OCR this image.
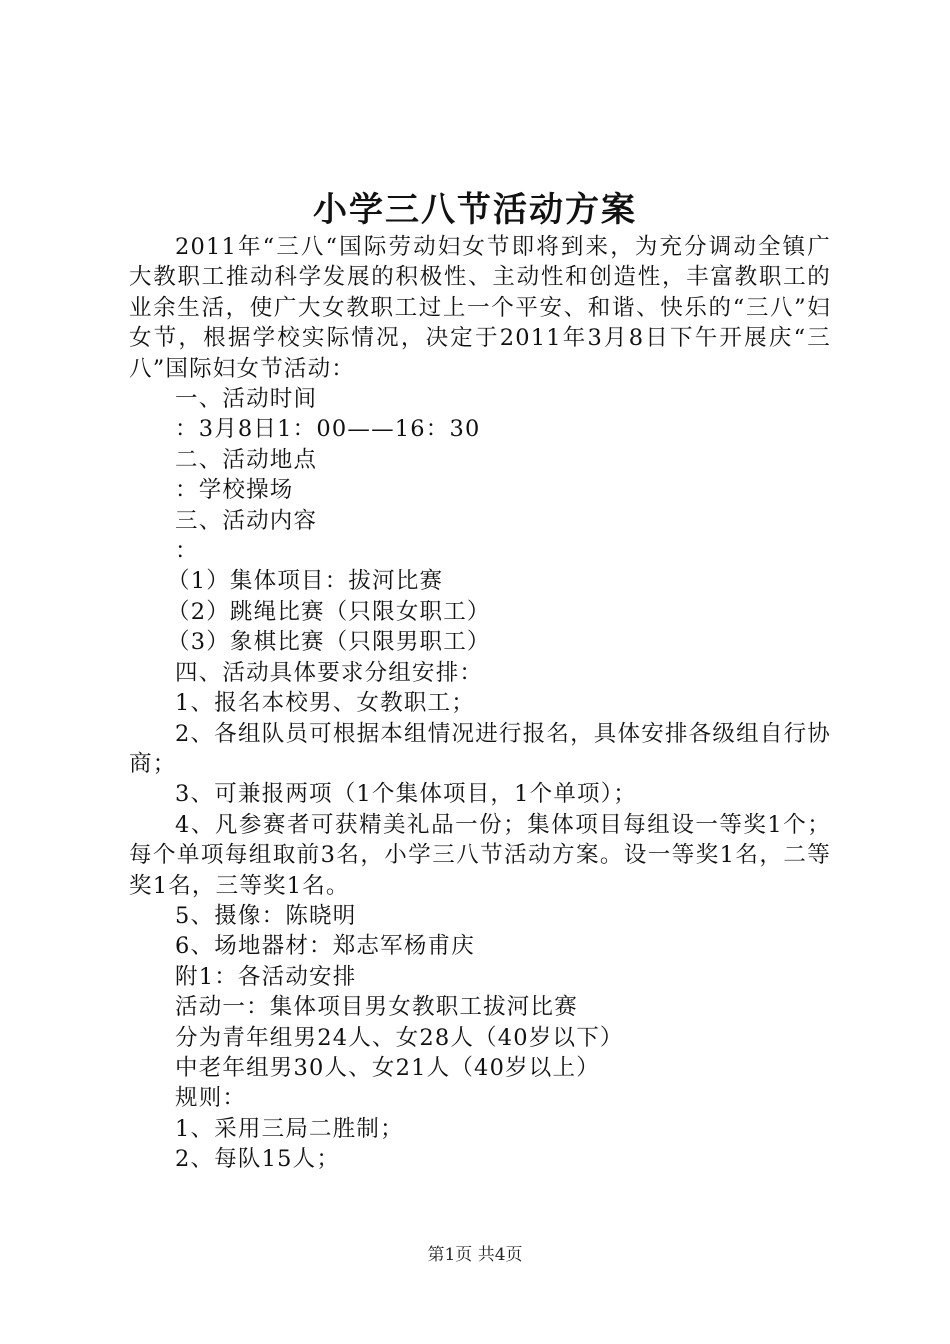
小学三八节活动方案

2011年“三八“国际劳动妇女节即将到来，为充分调动全镇广大教职工推动科学发展的积极性、主动性和创造性，丰富教职工的业余生活，使广大女教职工过上一个平安、和谐、快乐的“三八”妇女节，根据学校实际情况，决定于2011年3月8日下午开展庆“三八”国际妇女节活动：

一、活动时间

：3月8日1：00——16：30

二、活动地点

：学校操场

三、活动内容

：

（1）集体项目：拔河比赛

（2）跳绳比赛（只限女职工）

（3）象棋比赛（只限男职工）

四、活动具体要求分组安排：

1、报名本校男、女教职工；

2、各组队员可根据本组情况进行报名，具体安排各级组自行协商；

3、可兼报两项（1个集体项目，1个单项）；

4、凡参赛者可获精美礼品一份；集体项目每组设一等奖1个；每个单项每组取前3名，小学三八节活动方案。设一等奖1名，二等奖1名，三等奖1名。

5、摄像：陈晓明

6、场地器材：郑志军杨甫庆

附1：各活动安排

活动一：集体项目男女教职工拔河比赛

分为青年组男24人、女28人（40岁以下）

中老年组男30人、女21人（40岁以上）

规则：

1、采用三局二胜制；

2、每队15人；

第1页 共4页
